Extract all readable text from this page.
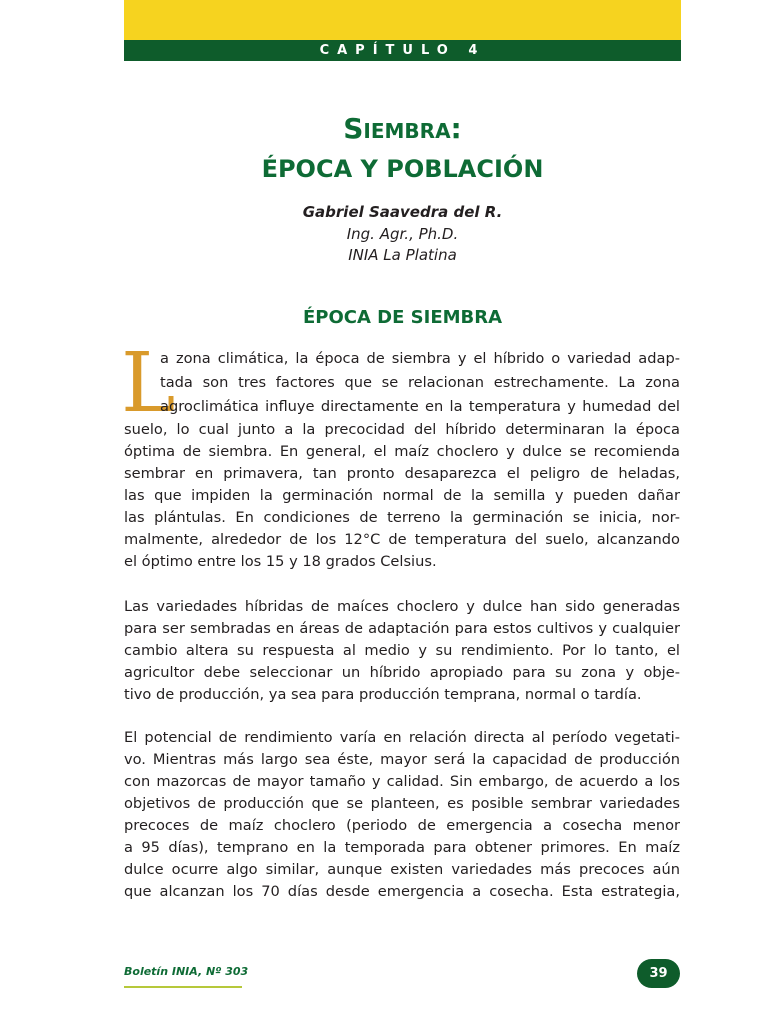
CAPÍTULO 4
Siembra:
ÉPOCA Y POBLACIÓN
Gabriel Saavedra del R.
Ing. Agr., Ph.D.
INIA La Platina
ÉPOCA DE SIEMBRA
L
a zona climática, la época de siembra y el híbrido o variedad adap-
tada son tres factores que se relacionan estrechamente. La zona
agroclimática influye directamente en la temperatura y humedad del
suelo, lo cual junto a la precocidad del híbrido determinaran la época
óptima de siembra. En general, el maíz choclero y dulce se recomienda
sembrar en primavera, tan pronto desaparezca el peligro de heladas,
las que impiden la germinación normal de la semilla y pueden dañar
las plántulas. En condiciones de terreno la germinación se inicia, nor-
malmente, alrededor de los 12°C de temperatura del suelo, alcanzando
el óptimo entre los 15 y 18 grados Celsius.
Las variedades híbridas de maíces choclero y dulce han sido generadas
para ser sembradas en áreas de adaptación para estos cultivos y cualquier
cambio altera su respuesta al medio y su rendimiento. Por lo tanto, el
agricultor debe seleccionar un híbrido apropiado para su zona y obje-
tivo de producción, ya sea para producción temprana, normal o tardía.
El potencial de rendimiento varía en relación directa al período vegetati-
vo. Mientras más largo sea éste, mayor será la capacidad de producción
con mazorcas de mayor tamaño y calidad. Sin embargo, de acuerdo a los
objetivos de producción que se planteen, es posible sembrar variedades
precoces de maíz choclero (periodo de emergencia a cosecha menor
a 95 días), temprano en la temporada para obtener primores. En maíz
dulce ocurre algo similar, aunque existen variedades más precoces aún
que alcanzan los 70 días desde emergencia a cosecha. Esta estrategia,
Boletín INIA, Nº 303	39
